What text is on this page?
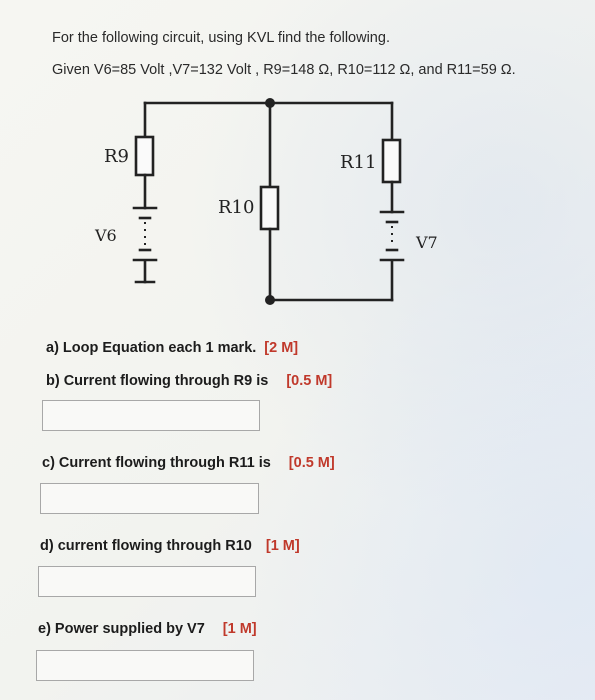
For the following circuit, using KVL find the following.
Given V6=85 Volt ,V7=132 Volt , R9=148 Ω, R10=112 Ω, and R11=59 Ω.
R9
R10
R11
V6	V7
a) Loop Equation each 1 mark. [2 M]
b) Current flowing through R9 is [0.5 M]
c) Current flowing through R11 is [0.5 M]
d) current flowing through R10 [1 M]
e) Power supplied by V7 [1 M]
